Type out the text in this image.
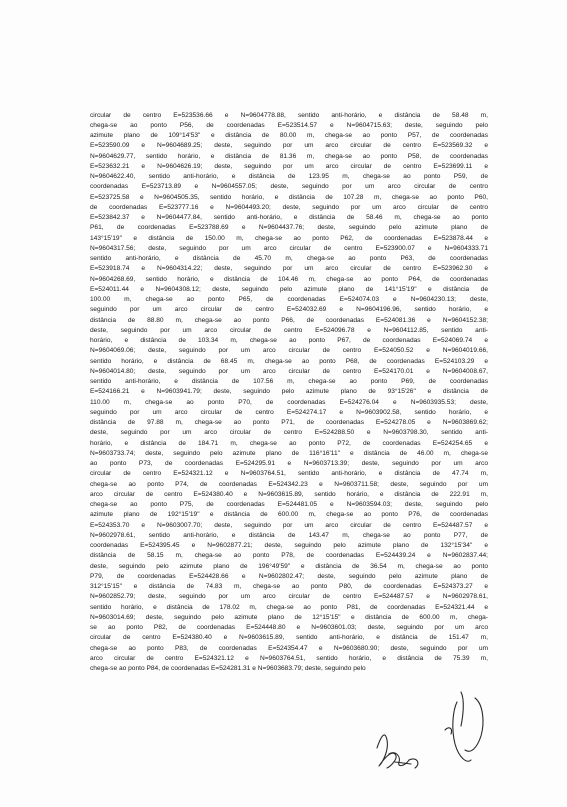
circular de centro E=523536.66 e N=9604778.88, sentido anti-horário, e distância de 58.48 m,
chega-se ao ponto P56, de coordenadas E=523514.57 e N=9604715.63; deste, seguindo pelo
azimute plano de 109°14'53" e distância de 80.00 m, chega-se ao ponto P57, de coordenadas
E=523590.09 e N=9604689.25; deste, seguindo por um arco circular de centro E=523569.32 e
N=9604629.77, sentido horário, e distância de 81.36 m, chega-se ao ponto P58, de coordenadas
E=523632.21 e N=9604626.19; deste, seguindo por um arco circular de centro E=523699.11 e
N=9604622.40, sentido anti-horário, e distância de 123.95 m, chega-se ao ponto P59, de
coordenadas E=523713.89 e N=9604557.05; deste, seguindo por um arco circular de centro
E=523725.58 e N=9604505.35, sentido horário, e distância de 107.28 m, chega-se ao ponto P60,
de coordenadas E=523777.16 e N=9604493.20; deste, seguindo por um arco circular de centro
E=523842.37 e N=9604477.84, sentido anti-horário, e distância de 58.46 m, chega-se ao ponto
P61, de coordenadas E=523788.69 e N=9604437.76; deste, seguindo pelo azimute plano de
143°15'19" e distância de 150.00 m, chega-se ao ponto P62, de coordenadas E=523878.44 e
N=9604317.56; deste, seguindo por um arco circular de centro E=523900.07 e N=9604333.71
sentido anti-horário, e distância de 45.70 m, chega-se ao ponto P63, de coordenadas
E=523918.74 e N=9604314.22; deste, seguindo por um arco circular de centro E=523962.30 e
N=9604268.69, sentido horário, e distância de 104.46 m, chega-se ao ponto P64, de coordenadas
E=524011.44 e N=9604308.12; deste, seguindo pelo azimute plano de 141°15'19" e distância de
100.00 m, chega-se ao ponto P65, de coordenadas E=524074.03 e N=9604230.13; deste,
seguindo por um arco circular de centro E=524032.69 e N=9604196.96, sentido horário, e
distância de 88.80 m, chega-se ao ponto P66, de coordenadas E=524081.36 e N=9604152.38;
deste, seguindo por um arco circular de centro E=524096.78 e N=9604112.85, sentido anti-
horário, e distância de 103.34 m, chega-se ao ponto P67, de coordenadas E=524069.74 e
N=9604069.06; deste, seguindo por um arco circular de centro E=524050.52 e N=9604019.66,
sentido horário, e distância de 68.45 m, chega-se ao ponto P68, de coordenadas E=524103.29 e
N=9604014.80; deste, seguindo por um arco circular de centro E=524170.01 e N=9604008.67,
sentido anti-horário, e distância de 107.56 m, chega-se ao ponto P69, de coordenadas
E=524166.21 e N=9603941.79; deste, seguindo pelo azimute plano de 93°15'26" e distância de
110.00 m, chega-se ao ponto P70, de coordenadas E=524276.04 e N=9603935.53; deste,
seguindo por um arco circular de centro E=524274.17 e N=9603902.58, sentido horário, e
distância de 97.88 m, chega-se ao ponto P71, de coordenadas E=524278.05 e N=9603869.62;
deste, seguindo por um arco circular de centro E=524288.50 e N=9603798.30, sentido anti-
horário, e distância de 184.71 m, chega-se ao ponto P72, de coordenadas E=524254.65 e
N=9603733.74; deste, seguindo pelo azimute plano de 116°16'11" e distância de 46.00 m, chega-se
ao ponto P73, de coordenadas E=524295.91 e N=9603713.39; deste, seguindo por um arco
circular de centro E=524321.12 e N=9603764.51, sentido anti-horário, e distância de 47.74 m,
chega-se ao ponto P74, de coordenadas E=524342.23 e N=9603711.58; deste, seguindo por um
arco circular de centro E=524380.40 e N=9603615.89, sentido horário, e distância de 222.91 m,
chega-se ao ponto P75, de coordenadas E=524481.05 e N=9603594.03; deste, seguindo pelo
azimute plano de 192°15'19" e distância de 600.00 m, chega-se ao ponto P76, de coordenadas
E=524353.70 e N=9603007.70; deste, seguindo por um arco circular de centro E=524487.57 e
N=9602978.61, sentido anti-horário, e distância de 143.47 m, chega-se ao ponto P77, de
coordenadas E=524395.45 e N=9602877.21; deste, seguindo pelo azimute plano de 132°15'34" e
distância de 58.15 m, chega-se ao ponto P78, de coordenadas E=524439.24 e N=9602837.44;
deste, seguindo pelo azimute plano de 196°49'59" e distância de 36.54 m, chega-se ao ponto
P79, de coordenadas E=524428.66 e N=9602802.47; deste, seguindo pelo azimute plano de
312°15'15" e distância de 74.83 m, chega-se ao ponto P80, de coordenadas E=524373.27 e
N=9602852.79; deste, seguindo por um arco circular de centro E=524487.57 e N=9602978.61,
sentido horário, e distância de 178.02 m, chega-se ao ponto P81, de coordenadas E=524321.44 e
N=9603014.69; deste, seguindo pelo azimute plano de 12°15'15" e distância de 600.00 m, chega-
se ao ponto P82, de coordenadas E=524448.80 e N=9603601.03; deste, seguindo por um arco
circular de centro E=524380.40 e N=9603615.89, sentido anti-horário, e distância de 151.47 m,
chega-se ao ponto P83, de coordenadas E=524354.47 e N=9603680.90; deste, seguindo por um
arco circular de centro E=524321.12 e N=9603764.51, sentido horário, e distância de 75.39 m,
chega-se ao ponto P84, de coordenadas E=524281.31 e N=9603683.79; deste, seguindo pelo
